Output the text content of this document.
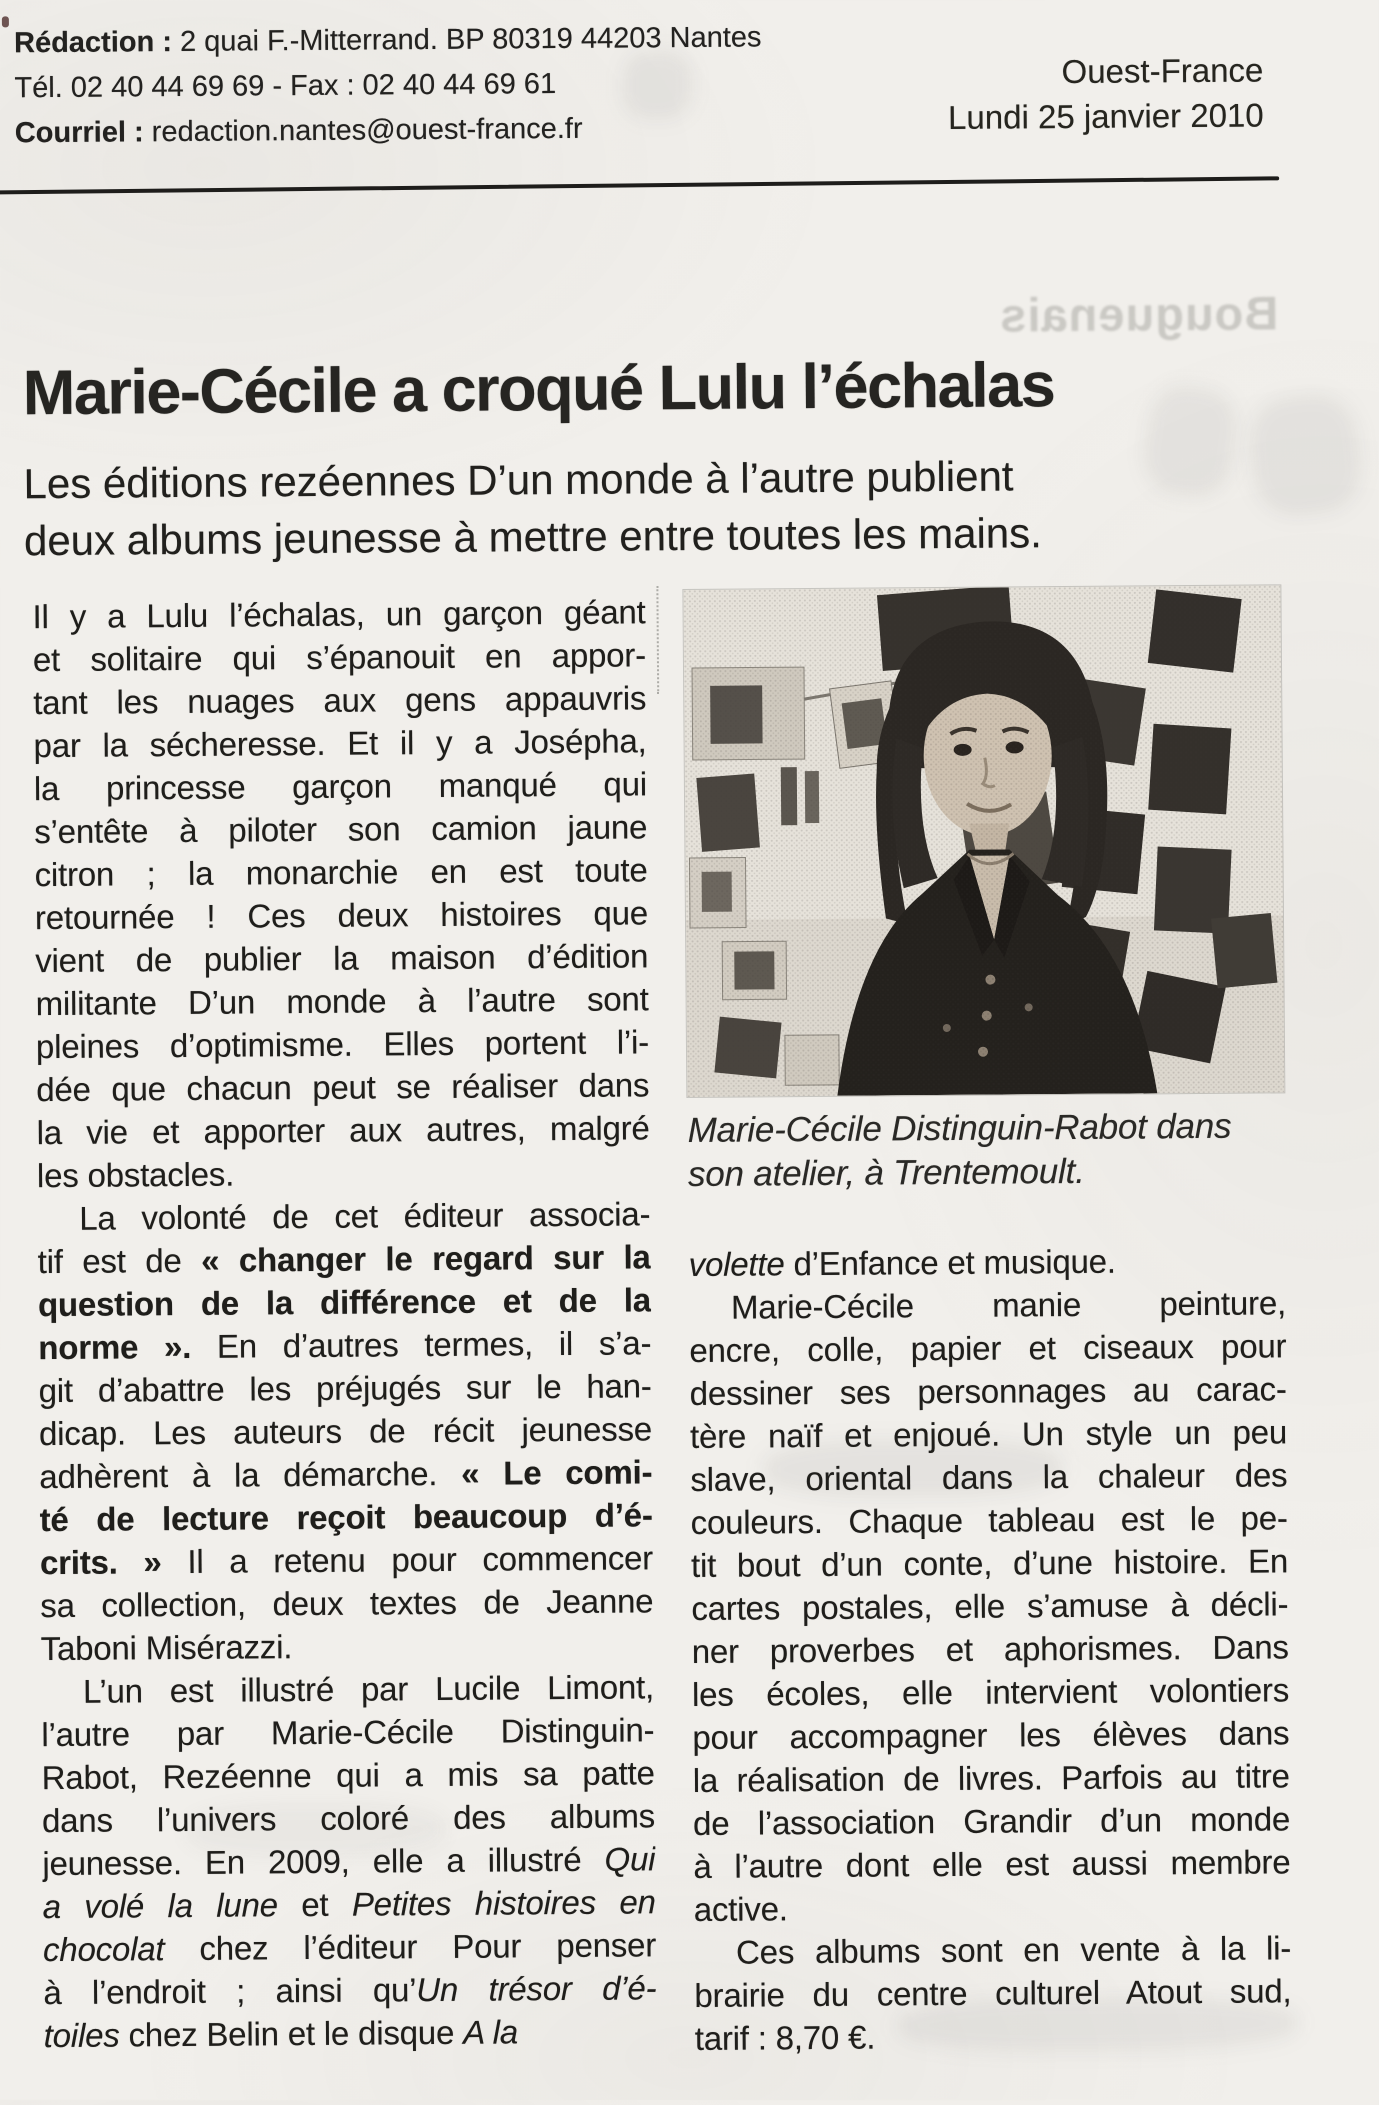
Bouguenais
Rédaction : 2 quai F.-Mitterrand. BP 80319 44203 Nantes
Tél. 02 40 44 69 69 - Fax : 02 40 44 69 61
Courriel : redaction.nantes@ouest-france.fr
Ouest-France
Lundi 25 janvier 2010
Marie-Cécile a croqué Lulu l’échalas
Les éditions rezéennes D’un monde à l’autre publient
deux albums jeunesse à mettre entre toutes les mains.
Il y a Lulu l’échalas, un garçon géant
et solitaire qui s’épanouit en appor-
tant les nuages aux gens appauvris
par la sécheresse. Et il y a Josépha,
la princesse garçon manqué qui
s’entête à piloter son camion jaune
citron ; la monarchie en est toute
retournée ! Ces deux histoires que
vient de publier la maison d’édition
militante D’un monde à l’autre sont
pleines d’optimisme. Elles portent l’i-
dée que chacun peut se réaliser dans
la vie et apporter aux autres, malgré
les obstacles.
La volonté de cet éditeur associa-
tif est de « changer le regard sur la
question de la différence et de la
norme ». En d’autres termes, il s’a-
git d’abattre les préjugés sur le han-
dicap. Les auteurs de récit jeunesse
adhèrent à la démarche. « Le comi-
té de lecture reçoit beaucoup d’é-
crits. » Il a retenu pour commencer
sa collection, deux textes de Jeanne
Taboni Misérazzi.
L’un est illustré par Lucile Limont,
l’autre par Marie-Cécile Distinguin-
Rabot, Rezéenne qui a mis sa patte
dans l’univers coloré des albums
jeunesse. En 2009, elle a illustré Qui
a volé la lune et Petites histoires en
chocolat chez l’éditeur Pour penser
à l’endroit ; ainsi qu’Un trésor d’é-
toiles chez Belin et le disque A la
Marie-Cécile Distinguin-Rabot dans
son atelier, à Trentemoult.
volette d’Enfance et musique.
Marie-Cécile manie peinture,
encre, colle, papier et ciseaux pour
dessiner ses personnages au carac-
tère naïf et enjoué. Un style un peu
slave, oriental dans la chaleur des
couleurs. Chaque tableau est le pe-
tit bout d’un conte, d’une histoire. En
cartes postales, elle s’amuse à décli-
ner proverbes et aphorismes. Dans
les écoles, elle intervient volontiers
pour accompagner les élèves dans
la réalisation de livres. Parfois au titre
de l’association Grandir d’un monde
à l’autre dont elle est aussi membre
active.
Ces albums sont en vente à la li-
brairie du centre culturel Atout sud,
tarif : 8,70 €.
